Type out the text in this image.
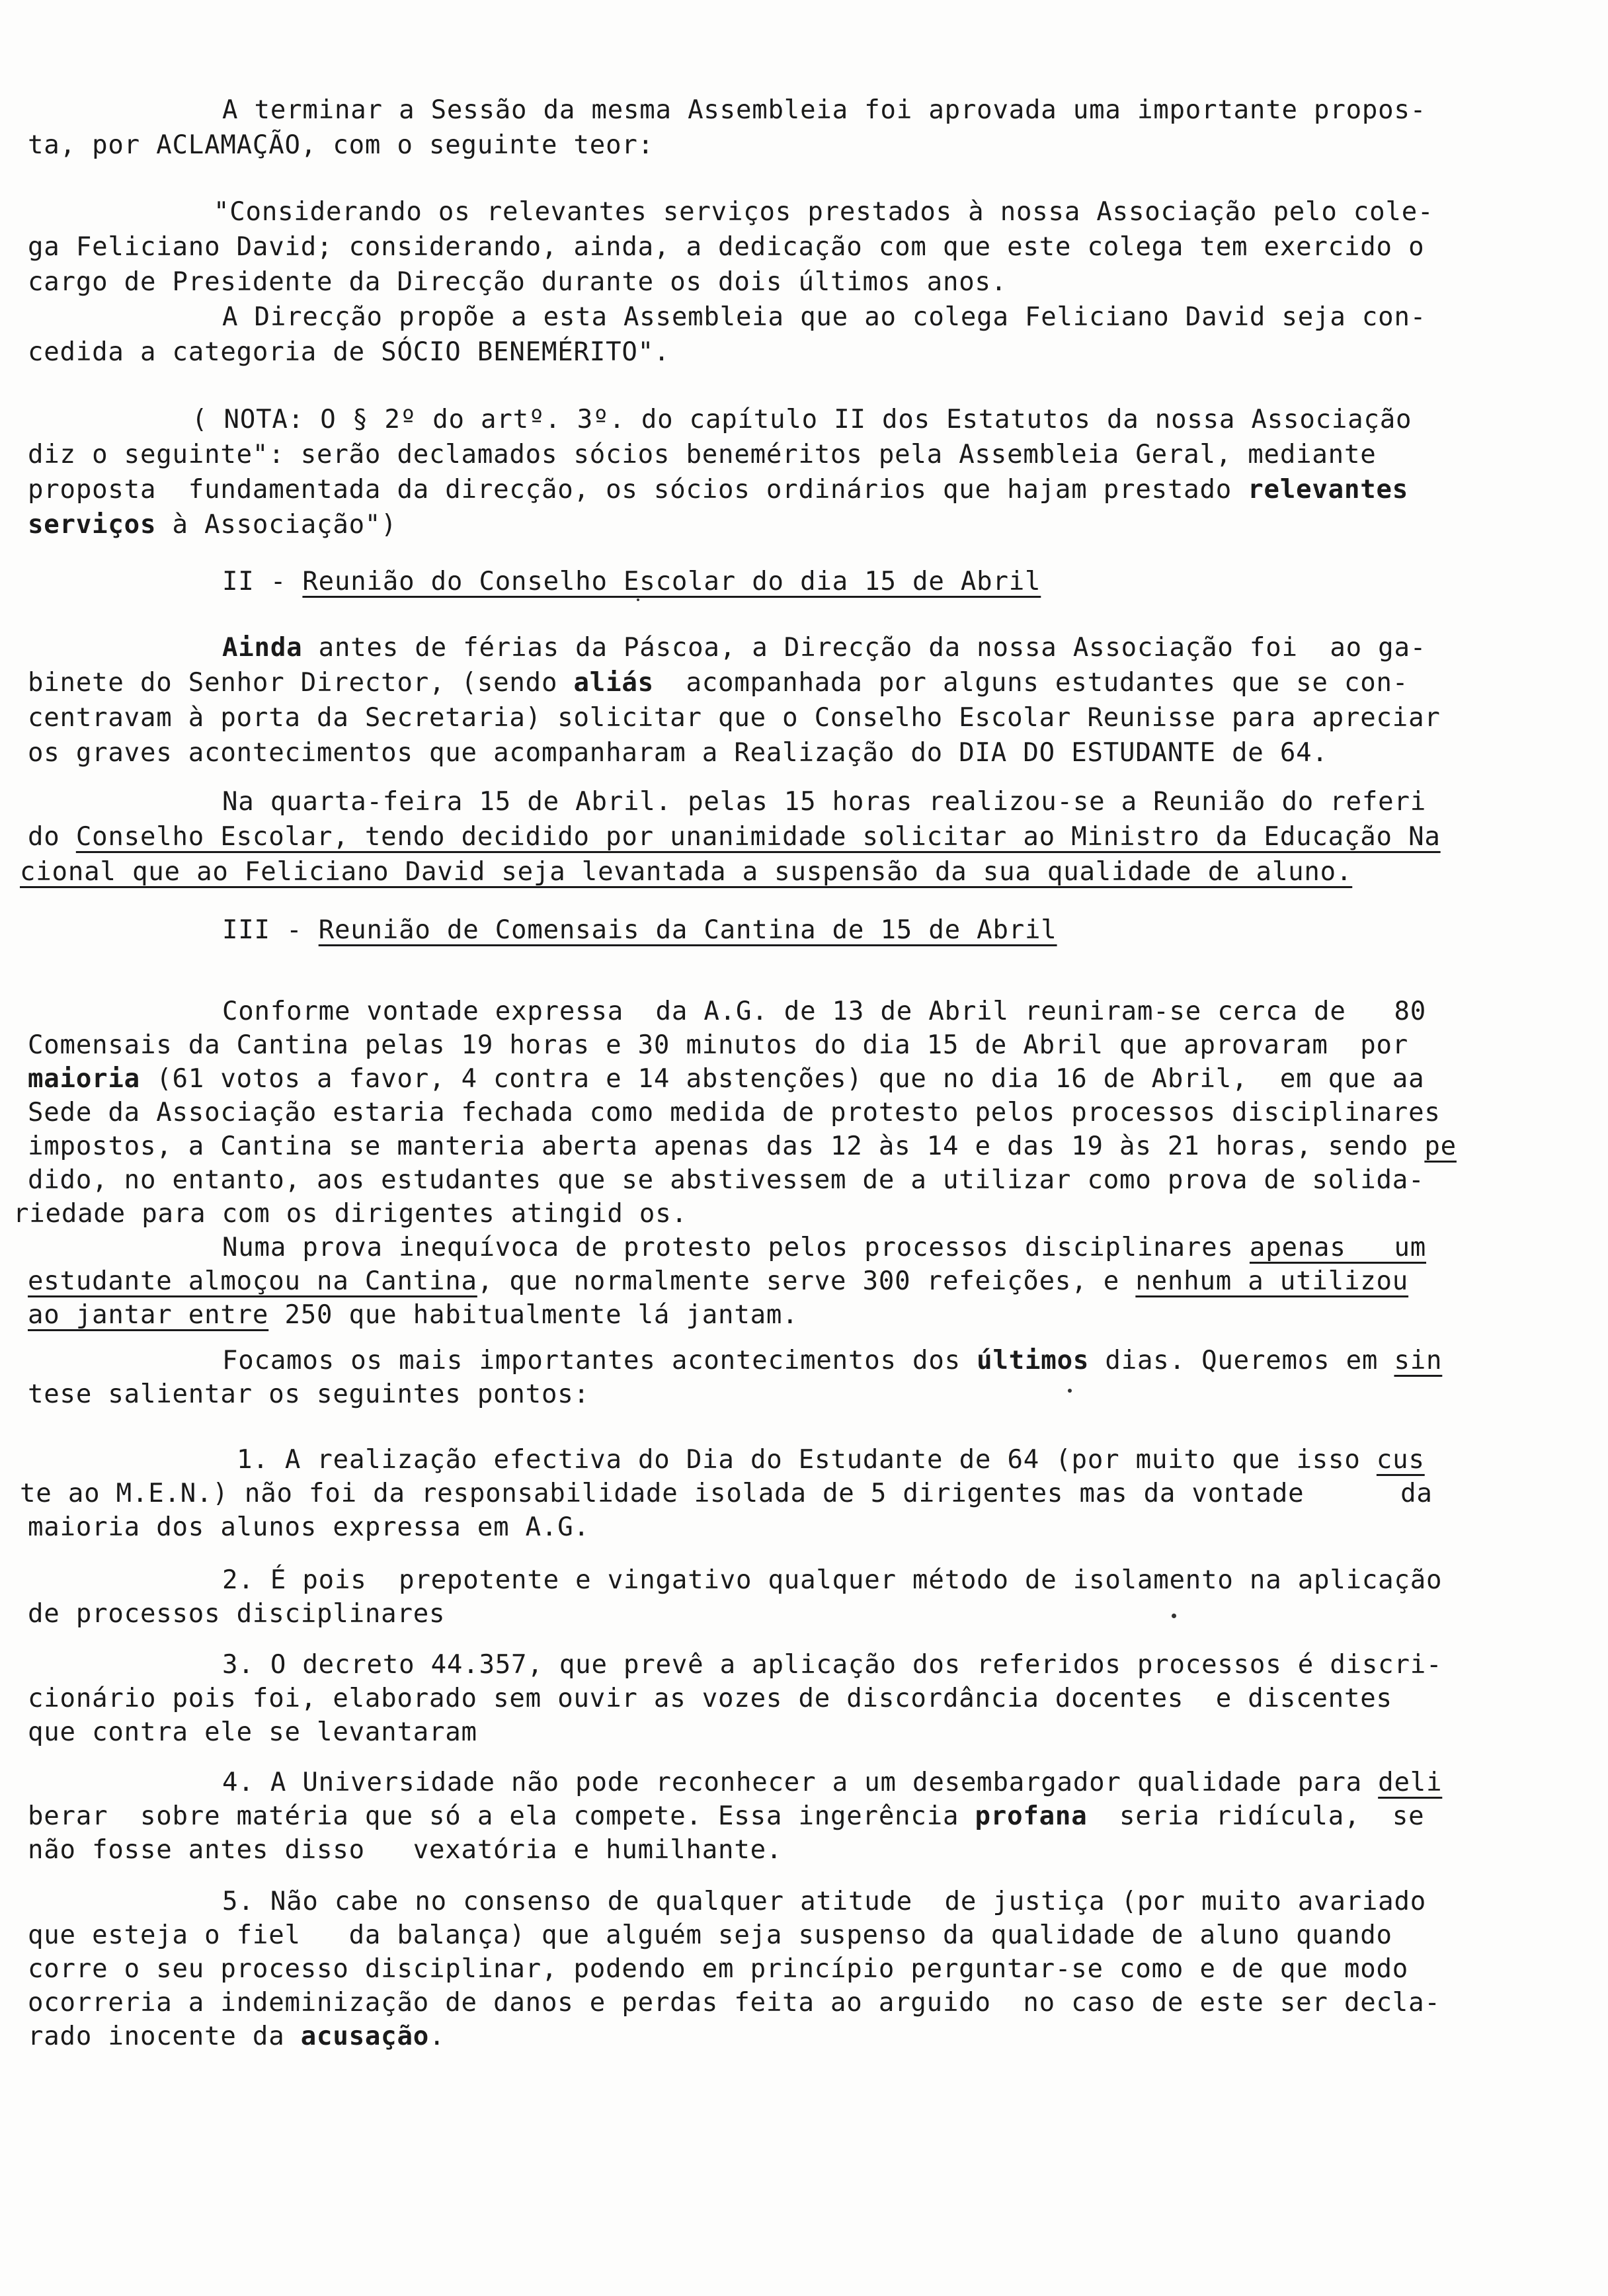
A terminar a Sessão da mesma Assembleia foi aprovada uma importante propos-
ta, por ACLAMAÇÃO, com o seguinte teor:
"Considerando os relevantes serviços prestados à nossa Associação pelo cole-
ga Feliciano David; considerando, ainda, a dedicação com que este colega tem exercido o
cargo de Presidente da Direcção durante os dois últimos anos.
A Direcção propõe a esta Assembleia que ao colega Feliciano David seja con-
cedida a categoria de SÓCIO BENEMÉRITO".
( NOTA: O § 2º do artº. 3º. do capítulo II dos Estatutos da nossa Associação
diz o seguinte": serão declamados sócios beneméritos pela Assembleia Geral, mediante
proposta  fundamentada da direcção, os sócios ordinários que hajam prestado relevantes
serviços à Associação")
II - Reunião do Conselho Escolar do dia 15 de Abril
Ainda antes de férias da Páscoa, a Direcção da nossa Associação foi  ao ga-
binete do Senhor Director, (sendo aliás  acompanhada por alguns estudantes que se con-
centravam à porta da Secretaria) solicitar que o Conselho Escolar Reunisse para apreciar
os graves acontecimentos que acompanharam a Realização do DIA DO ESTUDANTE de 64.
Na quarta-feira 15 de Abril. pelas 15 horas realizou-se a Reunião do referi
do Conselho Escolar, tendo decidido por unanimidade solicitar ao Ministro da Educação Na
cional que ao Feliciano David seja levantada a suspensão da sua qualidade de aluno.
III - Reunião de Comensais da Cantina de 15 de Abril
Conforme vontade expressa  da A.G. de 13 de Abril reuniram-se cerca de   80
Comensais da Cantina pelas 19 horas e 30 minutos do dia 15 de Abril que aprovaram  por
maioria (61 votos a favor, 4 contra e 14 abstenções) que no dia 16 de Abril,  em que aa
Sede da Associação estaria fechada como medida de protesto pelos processos disciplinares
impostos, a Cantina se manteria aberta apenas das 12 às 14 e das 19 às 21 horas, sendo pe
dido, no entanto, aos estudantes que se abstivessem de a utilizar como prova de solida-
riedade para com os dirigentes atingid os.
Numa prova inequívoca de protesto pelos processos disciplinares apenas   um
estudante almoçou na Cantina, que normalmente serve 300 refeições, e nenhum a utilizou
ao jantar entre 250 que habitualmente lá jantam.
Focamos os mais importantes acontecimentos dos últimos dias. Queremos em sin
tese salientar os seguintes pontos:
1. A realização efectiva do Dia do Estudante de 64 (por muito que isso cus
te ao M.E.N.) não foi da responsabilidade isolada de 5 dirigentes mas da vontade      da
maioria dos alunos expressa em A.G.
2. É pois  prepotente e vingativo qualquer método de isolamento na aplicação
de processos disciplinares
3. O decreto 44.357, que prevê a aplicação dos referidos processos é discri-
cionário pois foi, elaborado sem ouvir as vozes de discordância docentes  e discentes
que contra ele se levantaram
4. A Universidade não pode reconhecer a um desembargador qualidade para deli
berar  sobre matéria que só a ela compete. Essa ingerência profana  seria ridícula,  se
não fosse antes disso   vexatória e humilhante.
5. Não cabe no consenso de qualquer atitude  de justiça (por muito avariado
que esteja o fiel   da balança) que alguém seja suspenso da qualidade de aluno quando
corre o seu processo disciplinar, podendo em princípio perguntar-se como e de que modo
ocorreria a indeminização de danos e perdas feita ao arguido  no caso de este ser decla-
rado inocente da acusação.
